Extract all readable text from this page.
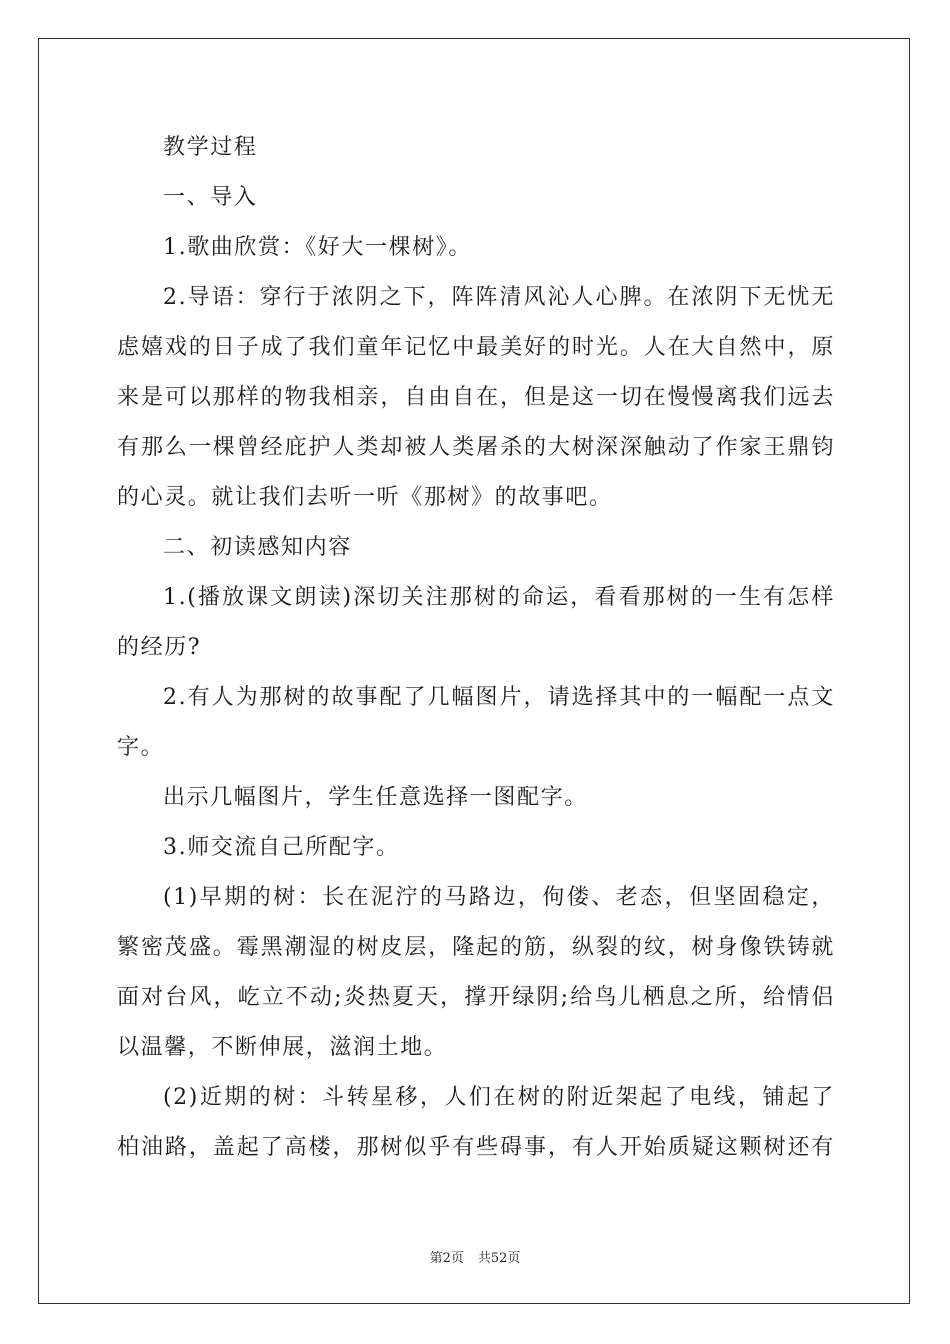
教学过程
一、导入
1.歌曲欣赏：《好大一棵树》。
2.导语：穿行于浓阴之下，阵阵清风沁人心脾。在浓阴下无忧无
虑嬉戏的日子成了我们童年记忆中最美好的时光。人在大自然中，原
来是可以那样的物我相亲，自由自在，但是这一切在慢慢离我们远去
有那么一棵曾经庇护人类却被人类屠杀的大树深深触动了作家王鼎钧
的心灵。就让我们去听一听《那树》的故事吧。
二、初读感知内容
1.(播放课文朗读)深切关注那树的命运，看看那树的一生有怎样
的经历?
2.有人为那树的故事配了几幅图片，请选择其中的一幅配一点文
字。
出示几幅图片，学生任意选择一图配字。
3.师交流自己所配字。
(1)早期的树：长在泥泞的马路边，佝偻、老态，但坚固稳定，
繁密茂盛。霉黑潮湿的树皮层，隆起的筋，纵裂的纹，树身像铁铸就
面对台风，屹立不动;炎热夏天，撑开绿阴;给鸟儿栖息之所，给情侣
以温馨，不断伸展，滋润土地。
(2)近期的树：斗转星移，人们在树的附近架起了电线，铺起了
柏油路，盖起了高楼，那树似乎有些碍事，有人开始质疑这颗树还有
第2页 共52页
